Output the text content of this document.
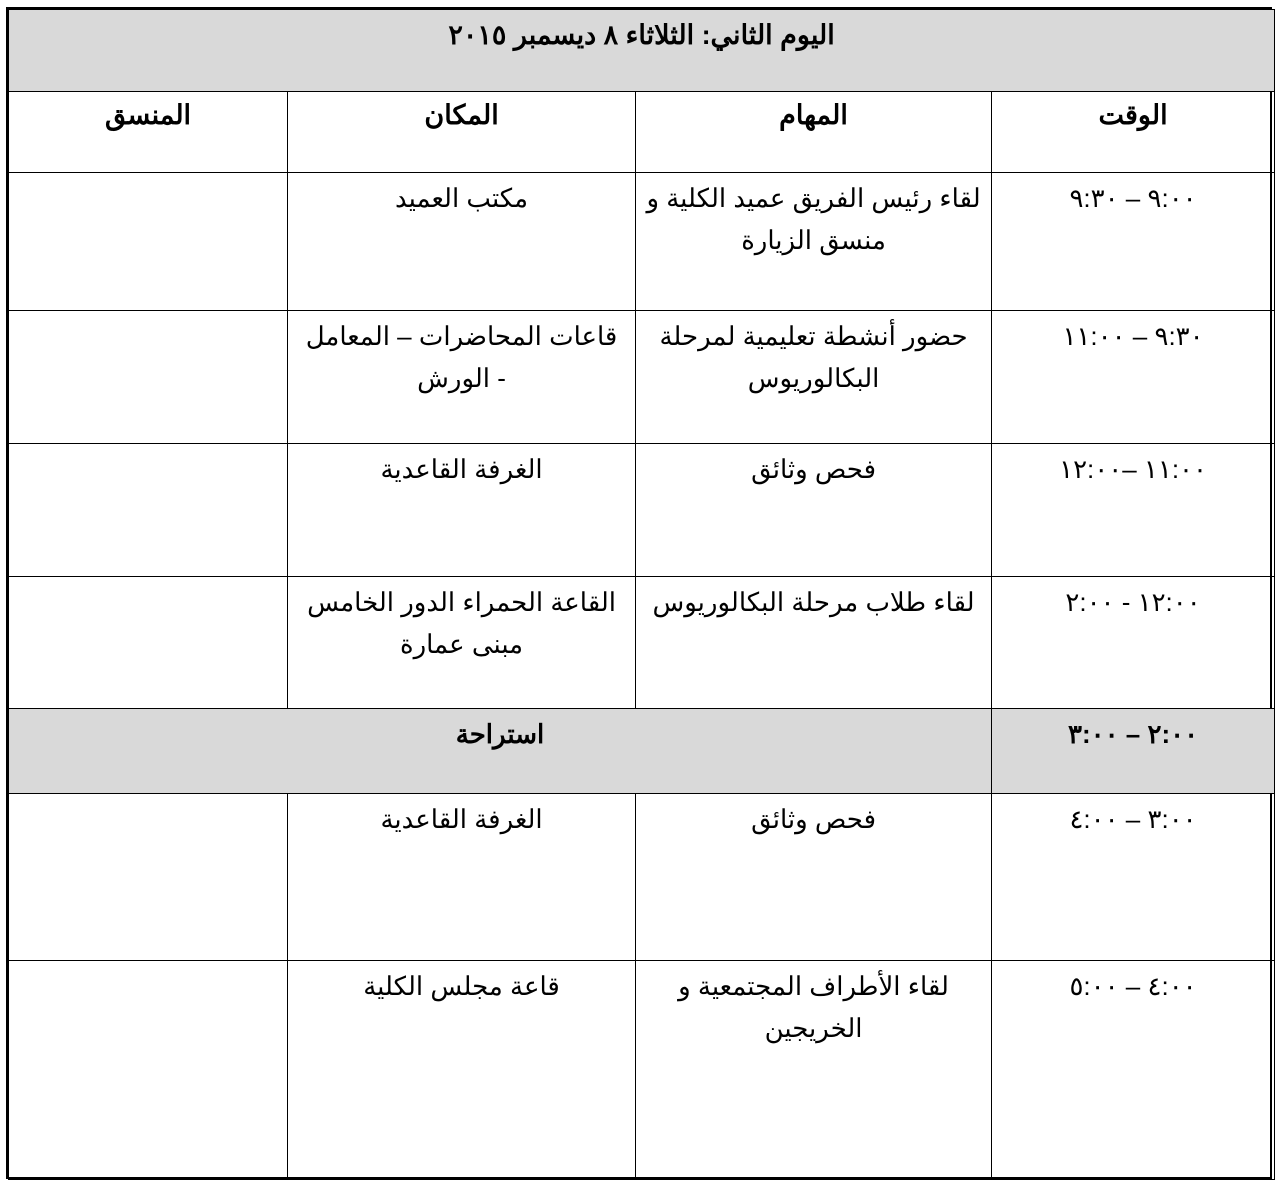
اليوم الثاني: الثلاثاء ٨ ديسمبر ٢٠١٥			
الوقت	المهام	المكان	المنسق
٩:٠٠ – ٩:٣٠	لقاء رئيس الفريق عميد الكلية و منسق الزيارة	مكتب العميد	
٩:٣٠ – ١١:٠٠	حضور أنشطة تعليمية لمرحلة البكالوريوس	قاعات المحاضرات – المعامل - الورش	
١١:٠٠ –١٢:٠٠	فحص وثائق	الغرفة القاعدية	
١٢:٠٠ - ٢:٠٠	لقاء طلاب مرحلة البكالوريوس	القاعة الحمراء الدور الخامس مبنى عمارة	
٢:٠٠ – ٣:٠٠	استراحة		
٣:٠٠ – ٤:٠٠	فحص وثائق	الغرفة القاعدية	
٤:٠٠ – ٥:٠٠	لقاء الأطراف المجتمعية و الخريجين	قاعة مجلس الكلية	
